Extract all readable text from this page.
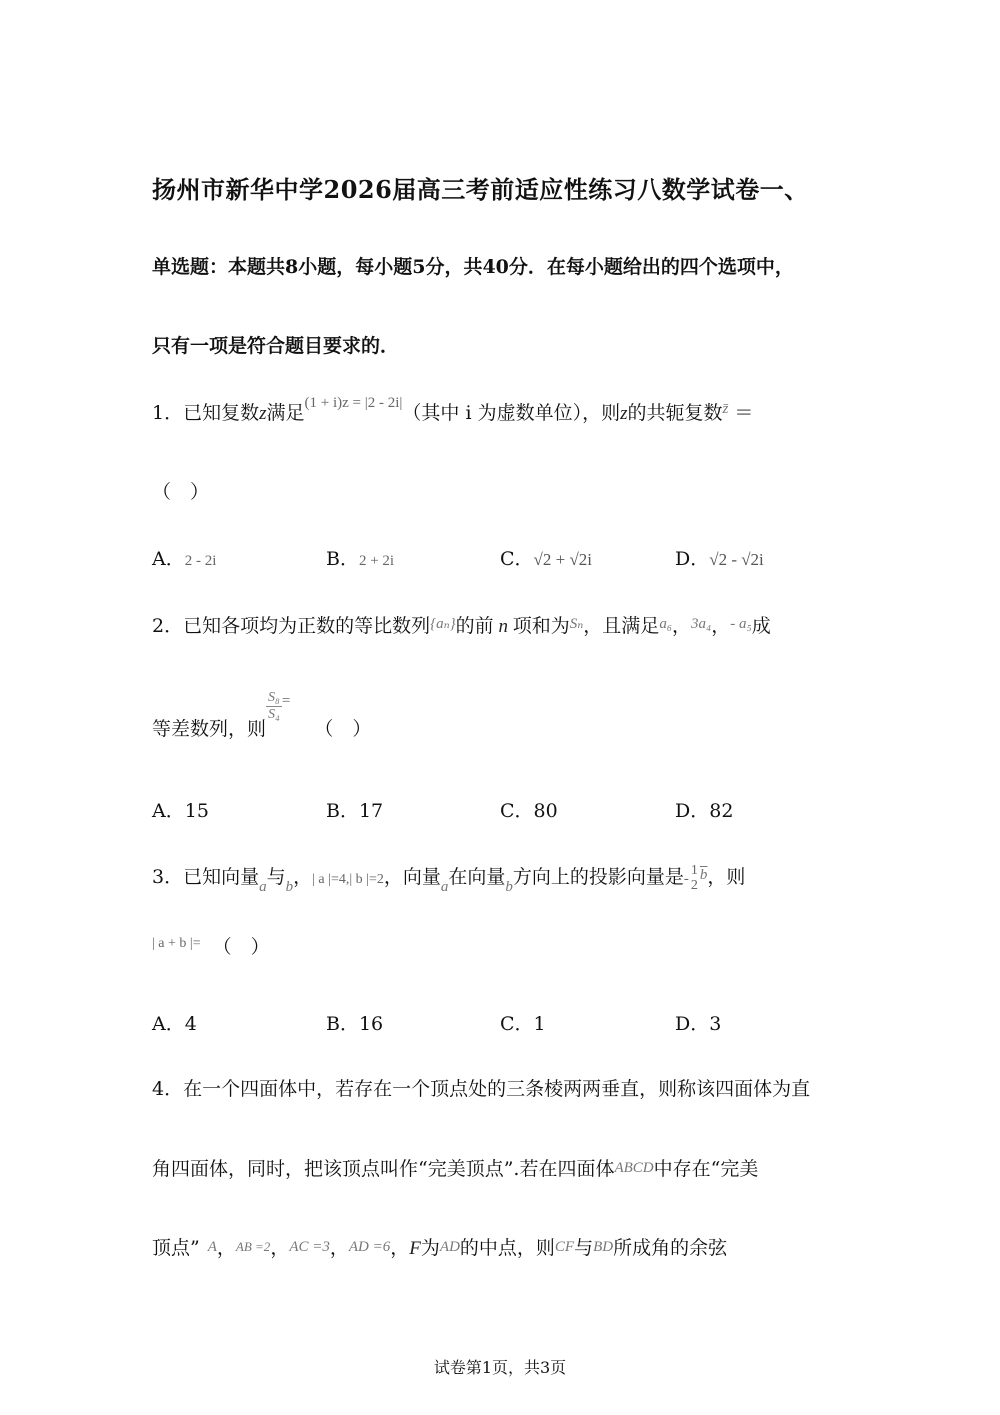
扬州市新华中学2026届高三考前适应性练习八数学试卷一、
单选题：本题共8小题，每小题5分，共40分．在每小题给出的四个选项中，
只有一项是符合题目要求的．
1．已知复数z满足$^{(1 + i)z = |2 - 2i|}$（其中 i 为虚数单位），则z的共轭复数$^{z̄}$ ＝
（　）
A．2 - 2i	B．2 + 2i	C．√2 + √2i	D．√2 - √2i
2．已知各项均为正数的等比数列$^{\{a_n\}}$的前 n 项和为$^{S_n}$，且满足$^{a_6}$，$^{3a_4}$，$^{- a_5}$成
等差数列，则
$\frac{\text{S₈}}{\text{S₄}} ^=$ （　）
A．15	B．17	C．80	D．82
3．已知向量$_a$与$_b$，| a |=4,| b |=2，向量$_a$在向量$_b$方向上的投影向量是-
1
2
$^{\overline{b}}$，则
$^{| a + b |=}$ （　）
A．4	B．16	C．1	D．3
4．在一个四面体中，若存在一个顶点处的三条棱两两垂直，则称该四面体为直
角四面体，同时，把该顶点叫作“完美顶点”.若在四面体ABCD中存在“完美
顶点” A，AB =2，AC =3，AD =6，F为AD的中点，则CF与BD所成角的余弦
试卷第1页，共3页
